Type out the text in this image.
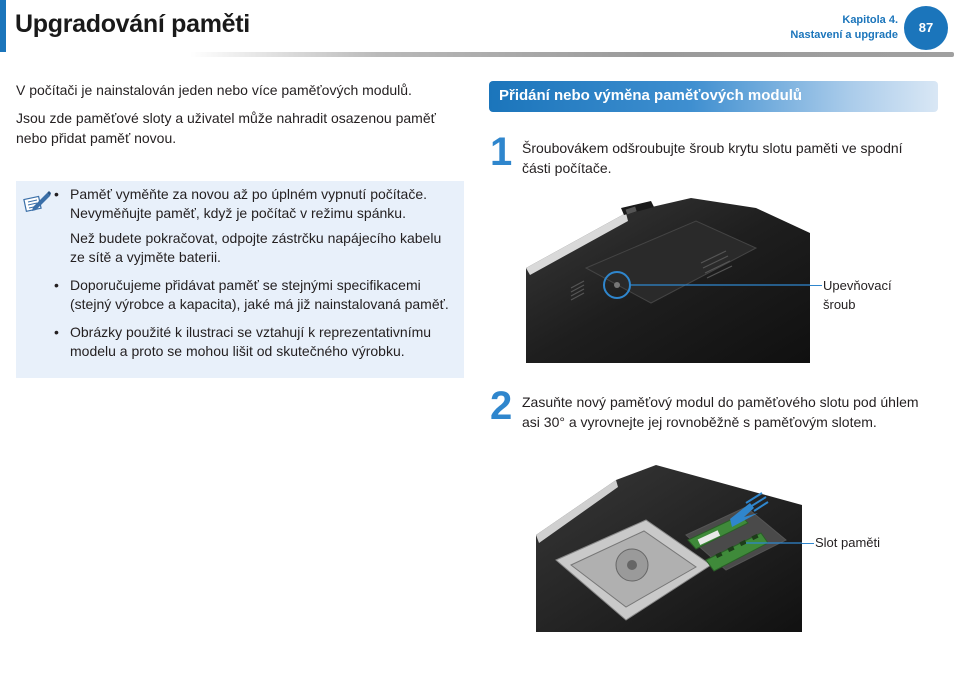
Upgradování paměti	Kapitola 4.
Nastavení a upgrade	87

V počítači je nainstalován jeden nebo více paměťových modulů.

Jsou zde paměťové sloty a uživatel může nahradit osazenou paměť nebo přidat paměť novou.

• Paměť vyměňte za novou až po úplném vypnutí počítače. Nevyměňujte paměť, když je počítač v režimu spánku.

Než budete pokračovat, odpojte zástrčku napájecího kabelu ze sítě a vyjměte baterii.

• Doporučujeme přidávat paměť se stejnými specifikacemi (stejný výrobce a kapacita), jaké má již nainstalovaná paměť.

• Obrázky použité k ilustraci se vztahují k reprezentativnímu modelu a proto se mohou lišit od skutečného výrobku.

Přidání nebo výměna paměťových modulů
1 Šroubovákem odšroubujte šroub krytu slotu paměti ve spodní části počítače.
Upevňovací šroub
2 Zasuňte nový paměťový modul do paměťového slotu pod úhlem asi 30° a vyrovnejte jej rovnoběžně s paměťovým slotem.
Slot paměti
